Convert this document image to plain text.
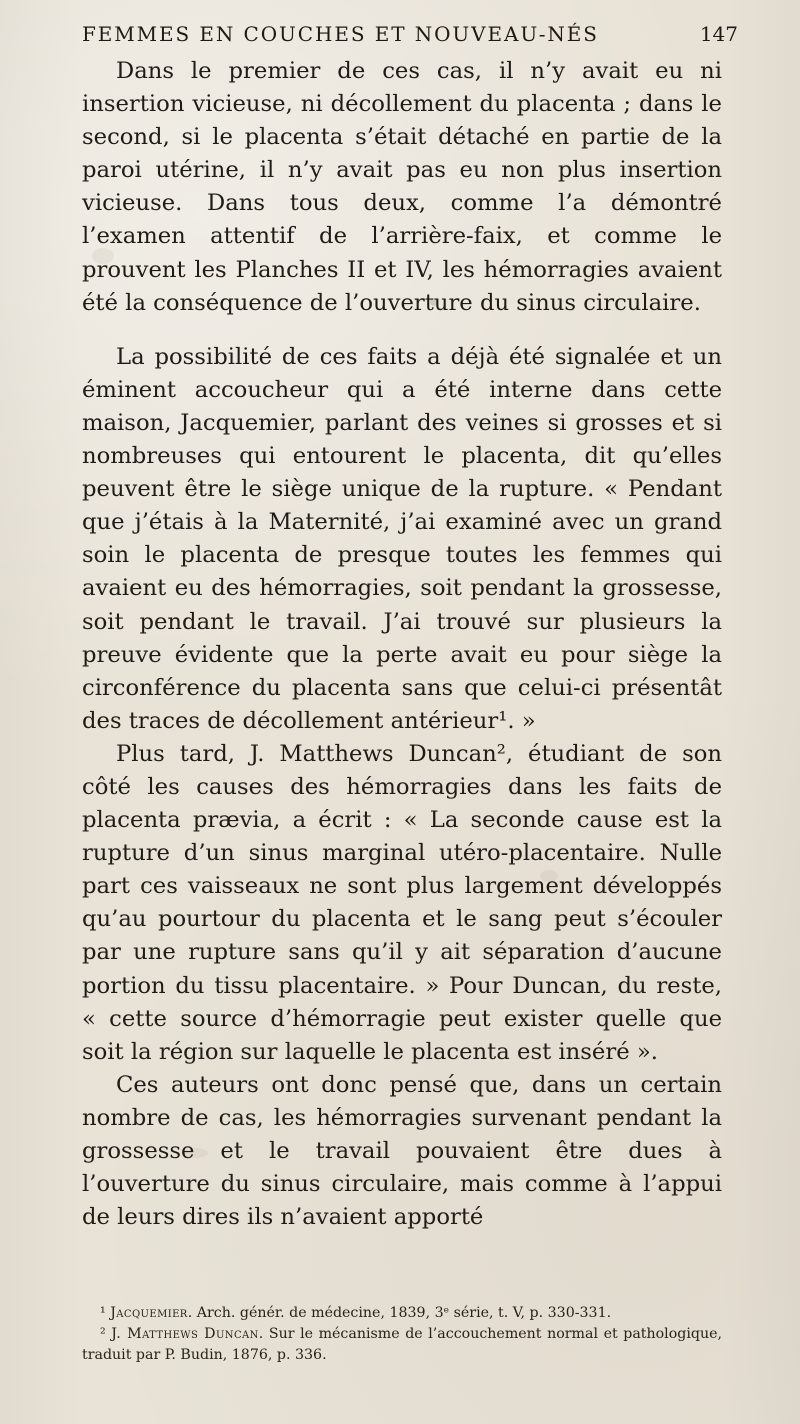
FEMMES EN COUCHES ET NOUVEAU-NÉS	147

Dans le premier de ces cas, il n’y avait eu ni insertion vicieuse, ni décollement du placenta ; dans le second, si le placenta s’était détaché en partie de la paroi utérine, il n’y avait pas eu non plus insertion vicieuse. Dans tous deux, comme l’a démontré l’examen attentif de l’arrière-faix, et comme le prouvent les Planches II et IV, les hémorragies avaient été la conséquence de l’ouverture du sinus circulaire.

La possibilité de ces faits a déjà été signalée et un éminent accoucheur qui a été interne dans cette maison, Jacquemier, parlant des veines si grosses et si nombreuses qui entourent le placenta, dit qu’elles peuvent être le siège unique de la rupture. « Pendant que j’étais à la Maternité, j’ai examiné avec un grand soin le placenta de presque toutes les femmes qui avaient eu des hémorragies, soit pendant la grossesse, soit pendant le travail. J’ai trouvé sur plusieurs la preuve évidente que la perte avait eu pour siège la circonférence du placenta sans que celui-ci présentât des traces de décollement antérieur¹. »

Plus tard, J. Matthews Duncan², étudiant de son côté les causes des hémorragies dans les faits de placenta prævia, a écrit : « La seconde cause est la rupture d’un sinus marginal utéro-placentaire. Nulle part ces vaisseaux ne sont plus largement développés qu’au pourtour du placenta et le sang peut s’écouler par une rupture sans qu’il y ait séparation d’aucune portion du tissu placentaire. » Pour Duncan, du reste, « cette source d’hémorragie peut exister quelle que soit la région sur laquelle le placenta est inséré ».

Ces auteurs ont donc pensé que, dans un certain nombre de cas, les hémorragies survenant pendant la grossesse et le travail pouvaient être dues à l’ouverture du sinus circulaire, mais comme à l’appui de leurs dires ils n’avaient apporté

¹ Jacquemier. Arch. génér. de médecine, 1839, 3ᵉ série, t. V, p. 330-331.

² J. Matthews Duncan. Sur le mécanisme de l’accouchement normal et pathologique, traduit par P. Budin, 1876, p. 336.
